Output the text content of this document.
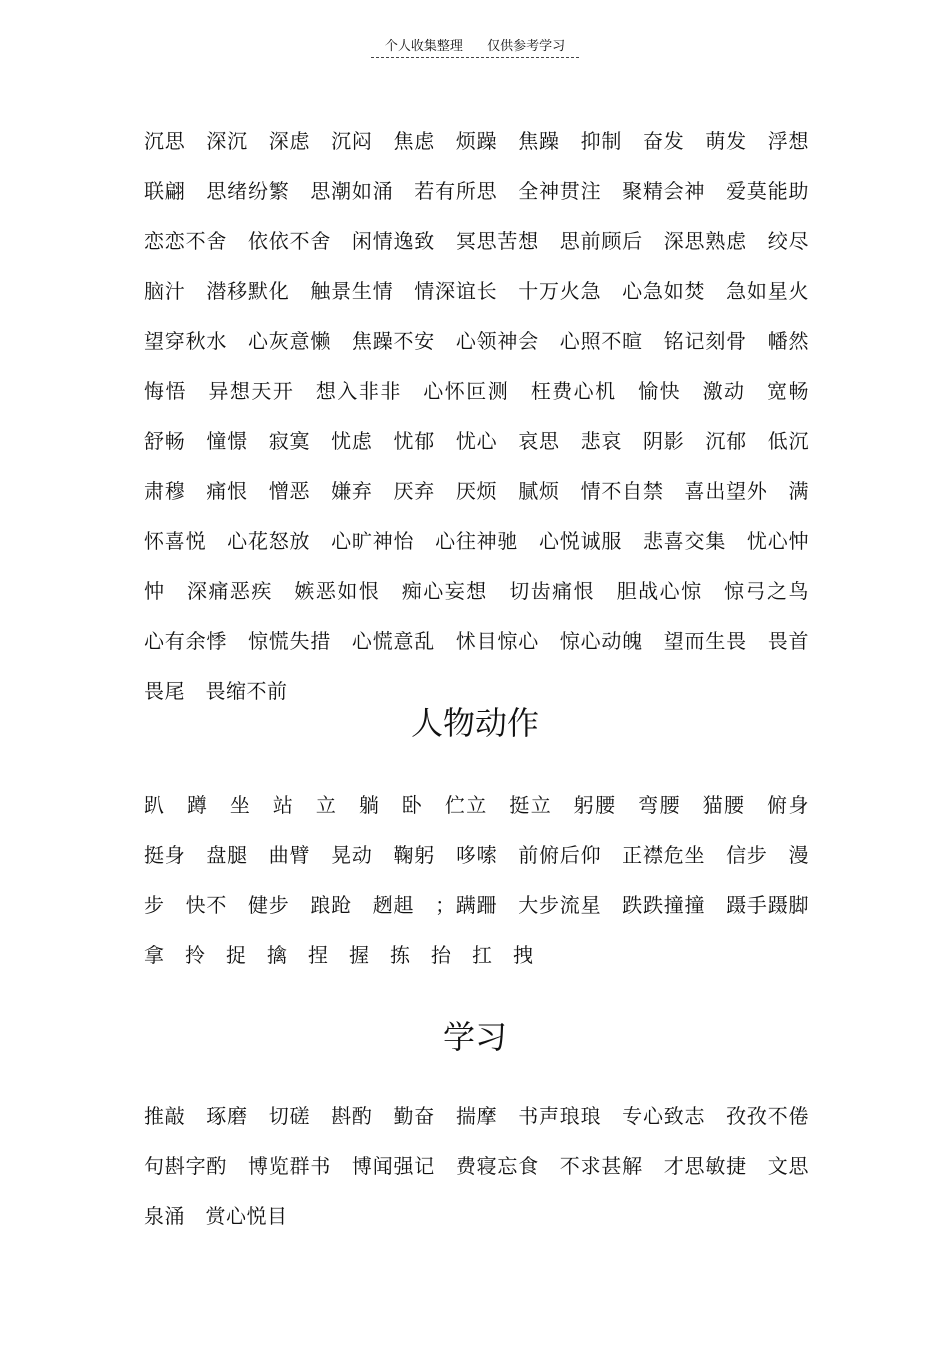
个人收集整理 仅供参考学习
沉思　深沉　深虑　沉闷　焦虑　烦躁　焦躁　抑制　奋发　萌发　浮想联翩　思绪纷繁　思潮如涌　若有所思　全神贯注　聚精会神　爱莫能助　恋恋不舍　依依不舍　闲情逸致　冥思苦想　思前顾后　深思熟虑　绞尽脑汁　潜移默化　触景生情　情深谊长　十万火急　心急如焚　急如星火　望穿秋水　心灰意懒　焦躁不安　心领神会　心照不暄　铭记刻骨　幡然悔悟　异想天开　想入非非　心怀叵测　枉费心机　愉快　激动　宽畅　舒畅　憧憬　寂寞　忧虑　忧郁　忧心　哀思　悲哀　阴影　沉郁　低沉　肃穆　痛恨　憎恶　嫌弃　厌弃　厌烦　腻烦　情不自禁　喜出望外　满怀喜悦　心花怒放　心旷神怡　心往神驰　心悦诚服　悲喜交集　忧心忡忡　深痛恶疾　嫉恶如恨　痴心妄想　切齿痛恨　胆战心惊　惊弓之鸟　心有余悸　惊慌失措　心慌意乱　怵目惊心　惊心动魄　望而生畏　畏首畏尾　畏缩不前
人物动作
趴　蹲　坐　站　立　躺　卧　伫立　挺立　躬腰　弯腰　猫腰　俯身　挺身　盘腿　曲臂　晃动　鞠躬　哆嗦　前俯后仰　正襟危坐　信步　漫步　快不　健步　踉跄　趔趄　；蹒跚　大步流星　跌跌撞撞　蹑手蹑脚　拿　拎　捉　擒　捏　握　拣　抬　扛　拽
学习
推敲　琢磨　切磋　斟酌　勤奋　揣摩　书声琅琅　专心致志　孜孜不倦　句斟字酌　博览群书　博闻强记　费寝忘食　不求甚解　才思敏捷　文思泉涌　赏心悦目
